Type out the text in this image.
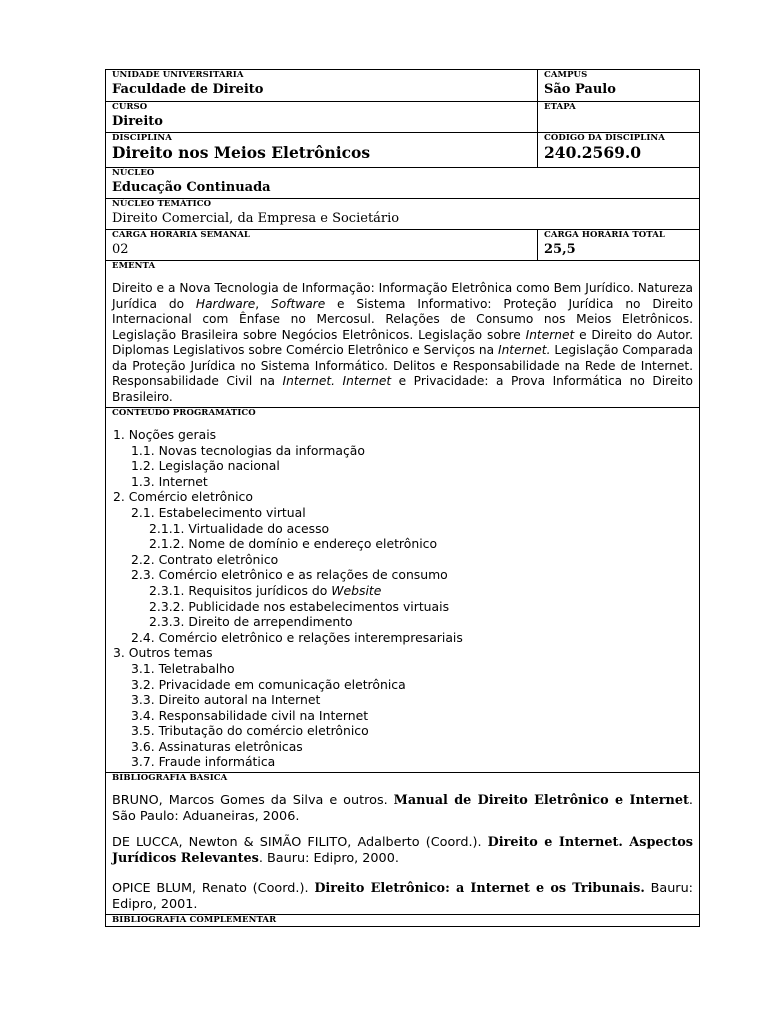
UNIDADE UNIVERSITÁRIA
Faculdade de Direito
CAMPUS
São Paulo
CURSO
Direito
ETAPA
DISCIPLINA
Direito nos Meios Eletrônicos
CÓDIGO DA DISCIPLINA
240.2569.0
NÚCLEO
Educação Continuada
NÚCLEO TEMÁTICO
Direito Comercial, da Empresa e Societário
CARGA HORÁRIA SEMANAL
02
CARGA HORÁRIA TOTAL
25,5
EMENTA
Direito e a Nova Tecnologia de Informação: Informação Eletrônica como Bem Jurídico. Natureza Jurídica do Hardware, Software e Sistema Informativo: Proteção Jurídica no Direito Internacional com Ênfase no Mercosul. Relações de Consumo nos Meios Eletrônicos. Legislação Brasileira sobre Negócios Eletrônicos. Legislação sobre Internet e Direito do Autor. Diplomas Legislativos sobre Comércio Eletrônico e Serviços na Internet. Legislação Comparada da Proteção Jurídica no Sistema Informático. Delitos e Responsabilidade na Rede de Internet. Responsabilidade Civil na Internet. Internet e Privacidade: a Prova Informática no Direito Brasileiro.
CONTEÚDO PROGRAMÁTICO
1. Noções gerais
1.1. Novas tecnologias da informação
1.2. Legislação nacional
1.3. Internet
2. Comércio eletrônico
2.1. Estabelecimento virtual
2.1.1. Virtualidade do acesso
2.1.2. Nome de domínio e endereço eletrônico
2.2. Contrato eletrônico
2.3. Comércio eletrônico e as relações de consumo
2.3.1. Requisitos jurídicos do Website
2.3.2. Publicidade nos estabelecimentos virtuais
2.3.3. Direito de arrependimento
2.4. Comércio eletrônico e relações interempresariais
3. Outros temas
3.1. Teletrabalho
3.2. Privacidade em comunicação eletrônica
3.3. Direito autoral na Internet
3.4. Responsabilidade civil na Internet
3.5. Tributação do comércio eletrônico
3.6. Assinaturas eletrônicas
3.7. Fraude informática
BIBLIOGRAFIA BÁSICA

BRUNO, Marcos Gomes da Silva e outros. Manual de Direito Eletrônico e Internet. São Paulo: Aduaneiras, 2006.

DE LUCCA, Newton & SIMÃO FILITO, Adalberto (Coord.). Direito e Internet. Aspectos Jurídicos Relevantes. Bauru: Edipro, 2000.

OPICE BLUM, Renato (Coord.). Direito Eletrônico: a Internet e os Tribunais. Bauru: Edipro, 2001.

BIBLIOGRAFIA COMPLEMENTAR
